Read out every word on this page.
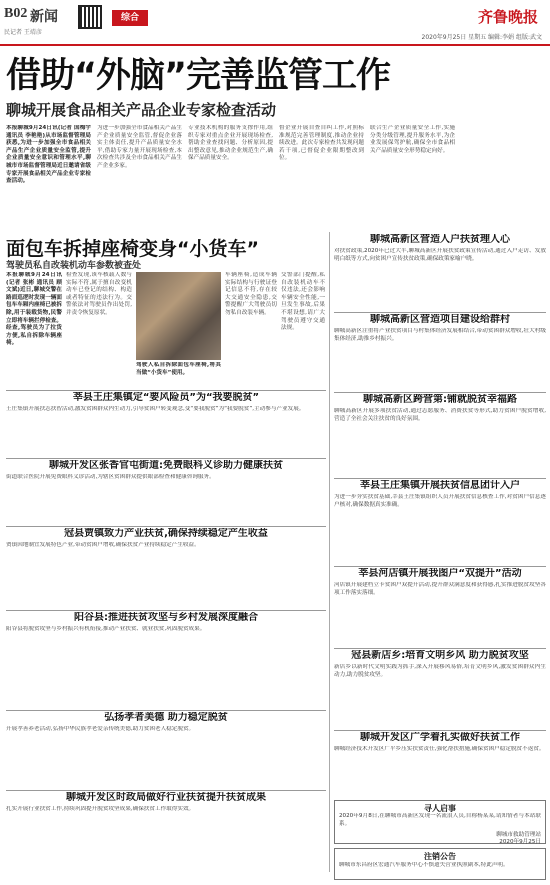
B02 新闻
民记者 王靖彦
综合	齐鲁晚报
2020年9月25日 星期五 编辑:李娟 组版:武文
借助“外脑”完善监管工作
聊城开展食品相关产品企业专家检查活动
本报聊城9月24日讯(记者 国梅宇 通讯员 李艳艳)从市场监督管理局获悉,为进一步加强全市食品相关产品生产企业质量安全监管,提升企业质量安全意识和管理水平,聊城市市场监督管理局近日邀请省级专家开展食品相关产品企业专家检查活动。
为进一步加强全市食品相关产品生产企业质量安全监管,督促企业落实主体责任,提升产品质量安全水平,借助专家力量开展现场检查,本次检查共涉及全市食品相关产品生产企业多家。
专业技术机构的服务支撑作用,组织专家对重点企业开展现场检查,帮助企业查找问题、分析原因,提出整改意见,推动企业规范生产,确保产品质量安全。
督企业开展自查自纠工作,对照标准规范完善管理制度,推动企业持续改进。此次专家检查共发现问题若干项,已督促企业限期整改到位。
联合生产企业质量安全工作,实施分类分级管理,提升服务水平,为企业发展保驾护航,确保全市食品相关产品质量安全形势稳定向好。
面包车拆掉座椅变身“小货车”
驾驶员私自改装机动车参数被查处
本报聊城9月24日讯(记者 张彬 通讯员 顾文斌)近日,聊城交警在路面巡逻时发现一辆面包车车厢内座椅已被拆除,用于装载货物,民警立即将车辆拦停检查。经查,驾驶员为了拉货方便,私自拆除车辆座椅。
检查发现,该车核载人数与实际不符,属于擅自改变机动车已登记的结构、构造或者特征的违法行为。交警依法对驾驶员作出处罚,并责令恢复原状。
驾驶人私自拆除面包车座椅,将其当做“小货车”使用。
车辆座椅,造成车辆实际结构与行驶证登记信息不符,存在较大交通安全隐患,交警提醒广大驾驶员切勿私自改装车辆。
交警部门提醒,私自改装机动车不仅违法,还会影响车辆安全性能,一旦发生事故,后果不堪设想,请广大驾驶员遵守交通法规。
聊城高新区营造人户扶贫理人心
对扶贫政策,2020年已过大半,聊城高新区开展扶贫政策宣传活动,通过入户走访、发放明白纸等方式,向贫困户宣传扶贫政策,确保政策家喻户晓。
聊城高新区营造项目建设给群村
聊城高新区注重将产业扶贫项目与村集体经济发展相结合,带动贫困群众增收,壮大村级集体经济,助推乡村振兴。
聊城高新区跨营第:铺就脱贫幸福路
聊城高新区开展多项扶贫活动,通过志愿服务、消费扶贫等形式,助力贫困户脱贫增收,营造了全社会关注扶贫的良好氛围。
莘县王庄集镇开展扶贫信息团计入户
为进一步夯实扶贫基础,莘县王庄集镇组织人员开展扶贫信息核查工作,对贫困户信息逐户核对,确保数据真实准确。
莘县河店镇开展我图户“双提升”活动
河店镇开展建档立卡贫困户双提升活动,提升群众满意度和获得感,扎实推进脱贫攻坚各项工作落实落细。
冠县新店乡:培育文明乡风 助力脱贫攻坚
新店乡以新时代文明实践为抓手,深入开展移风易俗,培育文明乡风,激发贫困群众内生动力,助力脱贫攻坚。
聊城开发区广学着扎实做好扶贫工作
聊城经济技术开发区广平乡压实扶贫责任,强化帮扶措施,确保贫困户稳定脱贫不返贫。
寻人启事
2020年9月8日,在聊城市高新区发现一名流浪人员,自称杨某某,请知情者与本站联系。
聊城市救助管理站
2020年9月25日
注销公告
聊城市东昌府区宏通汽车服务中心不慎遗失营业执照副本,特此声明。
莘县王庄集镇定“要风险员”为“我要脱贫”
王庄集镇开展扶志扶智活动,激发贫困群众内生动力,引导贫困户转变观念,变“要我脱贫”为“我要脱贫”,主动参与产业发展。
聊城开发区张香官屯街道:免费眼科义诊助力健康扶贫
街道联合医院开展免费眼科义诊活动,为辖区贫困群众提供眼部检查和健康咨询服务。
冠县贾镇致力产业扶贫,确保持续稳定产生收益
贾镇因地制宜发展特色产业,带动贫困户增收,确保扶贫产业持续稳定产生收益。
阳谷县:推进扶贫攻坚与乡村发展深度融合
阳谷县将脱贫攻坚与乡村振兴有机衔接,推动产业扶贫、就业扶贫,巩固脱贫成果。
弘扬孝者美德 助力稳定脱贫
开展孝善养老活动,弘扬中华民族孝老爱亲传统美德,助力贫困老人稳定脱贫。
聊城开发区时政局做好行业扶贫提升扶贫成果
扎实开展行业扶贫工作,持续巩固提升脱贫攻坚成果,确保扶贫工作取得实效。
